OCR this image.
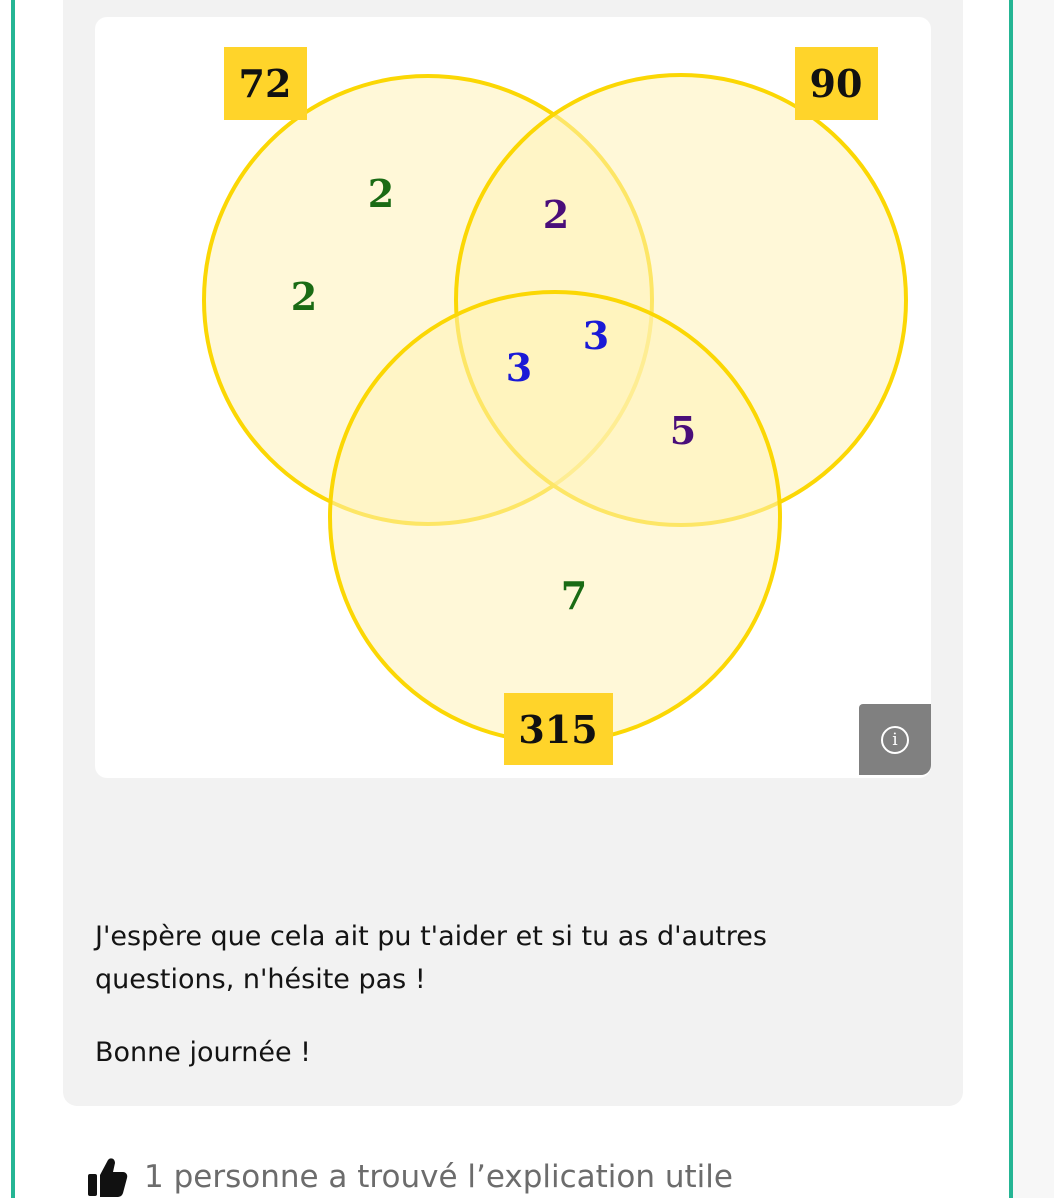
72	90
315
2
2
2
3
3
5
7
i

J'espère que cela ait pu t'aider et si tu as d'autres questions, n'hésite pas !

Bonne journée !

1 personne a trouvé l’explication utile
